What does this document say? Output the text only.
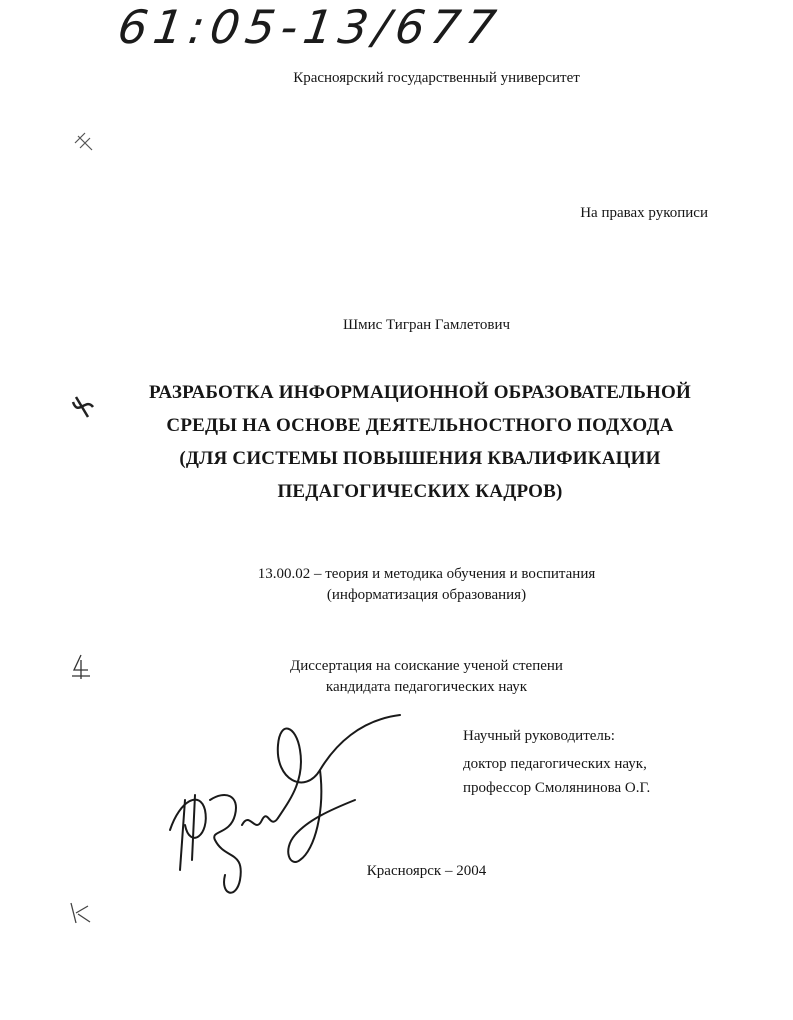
61:05-13/677
Красноярский государственный университет
На правах рукописи
Шмис Тигран Гамлетович
РАЗРАБОТКА ИНФОРМАЦИОННОЙ ОБРАЗОВАТЕЛЬНОЙ
СРЕДЫ НА ОСНОВЕ ДЕЯТЕЛЬНОСТНОГО ПОДХОДА
(ДЛЯ СИСТЕМЫ ПОВЫШЕНИЯ КВАЛИФИКАЦИИ
ПЕДАГОГИЧЕСКИХ КАДРОВ)
13.00.02 – теория и методика обучения и воспитания
(информатизация образования)
Диссертация на соискание ученой степени
кандидата педагогических наук
Научный руководитель:
доктор педагогических наук,
профессор Смолянинова О.Г.
Красноярск – 2004
